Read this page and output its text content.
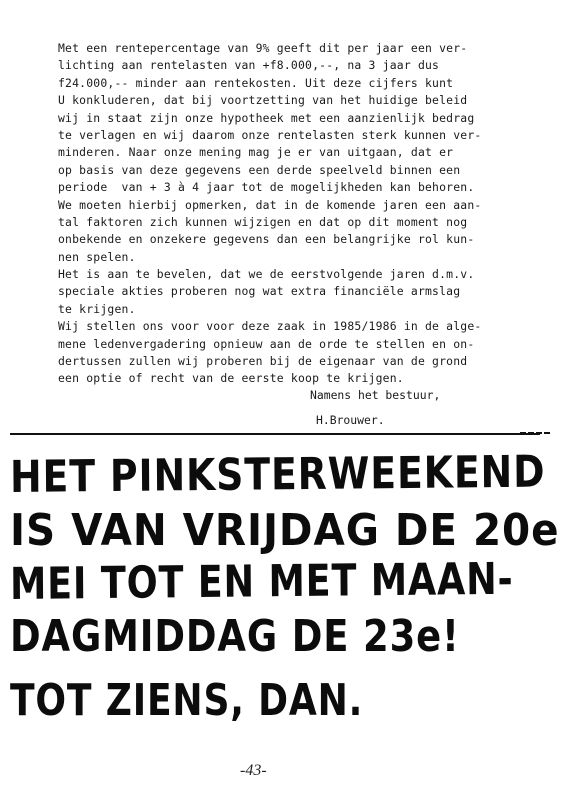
Met een rentepercentage van 9% geeft dit per jaar een ver-
lichting aan rentelasten van +f8.000,--, na 3 jaar dus
f24.000,-- minder aan rentekosten. Uit deze cijfers kunt
U konkluderen, dat bij voortzetting van het huidige beleid
wij in staat zijn onze hypotheek met een aanzienlijk bedrag
te verlagen en wij daarom onze rentelasten sterk kunnen ver-
minderen. Naar onze mening mag je er van uitgaan, dat er
op basis van deze gegevens een derde speelveld binnen een
periode  van + 3 à 4 jaar tot de mogelijkheden kan behoren.
We moeten hierbij opmerken, dat in de komende jaren een aan-
tal faktoren zich kunnen wijzigen en dat op dit moment nog
onbekende en onzekere gegevens dan een belangrijke rol kun-
nen spelen.
Het is aan te bevelen, dat we de eerstvolgende jaren d.m.v.
speciale akties proberen nog wat extra financiële armslag
te krijgen.
Wij stellen ons voor voor deze zaak in 1985/1986 in de alge-
mene ledenvergadering opnieuw aan de orde te stellen en on-
dertussen zullen wij proberen bij de eigenaar van de grond
een optie of recht van de eerste koop te krijgen.
Namens het bestuur,
H.Brouwer.
HET PINKSTERWEEKEND
IS VAN VRIJDAG DE 20e
MEI TOT EN MET MAAN-
DAGMIDDAG DE 23e!
TOT ZIENS, DAN.
-43-
